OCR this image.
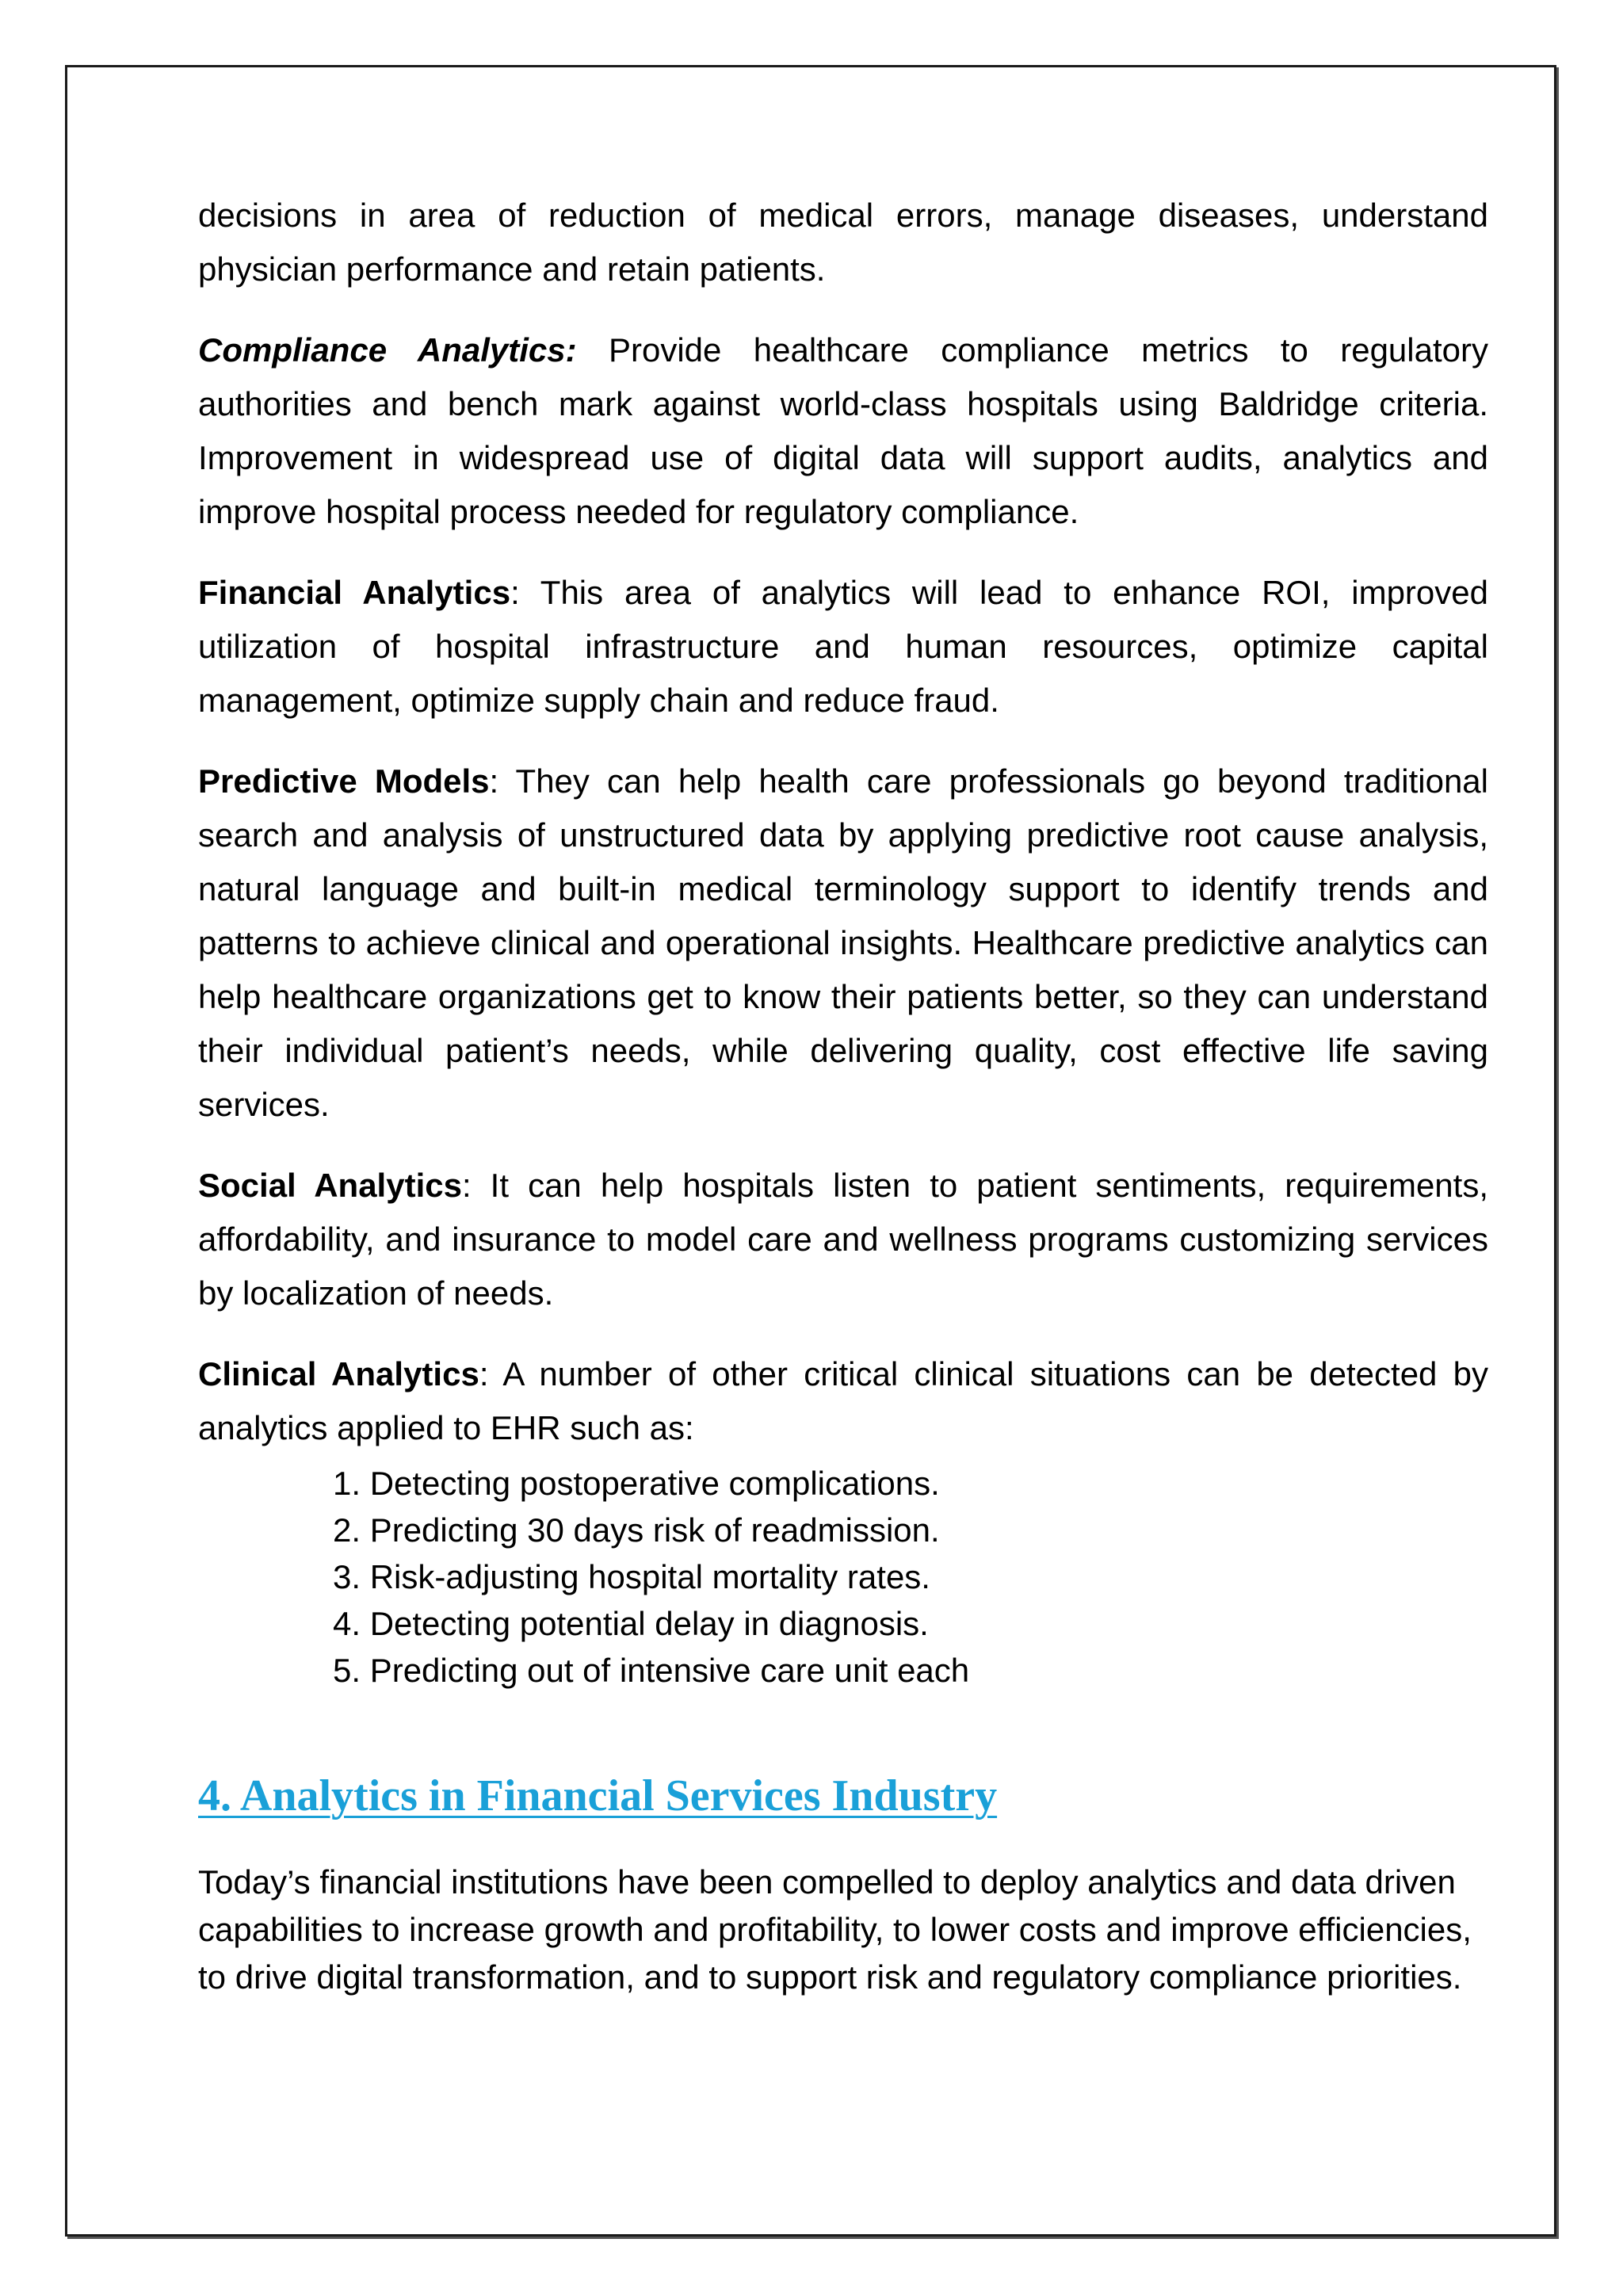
decisions in area of reduction of medical errors, manage diseases, understand physician performance and retain patients.

Compliance Analytics: Provide healthcare compliance metrics to regulatory authorities and bench mark against world-class hospitals using Baldridge criteria. Improvement in widespread use of digital data will support audits, analytics and improve hospital process needed for regulatory compliance.

Financial Analytics: This area of analytics will lead to enhance ROI, improved utilization of hospital infrastructure and human resources, optimize capital management, optimize supply chain and reduce fraud.

Predictive Models: They can help health care professionals go beyond traditional search and analysis of unstructured data by applying predictive root cause analysis, natural language and built-in medical terminology support to identify trends and patterns to achieve clinical and operational insights. Healthcare predictive analytics can help healthcare organizations get to know their patients better, so they can understand their individual patient’s needs, while delivering quality, cost effective life saving services.

Social Analytics: It can help hospitals listen to patient sentiments, requirements, affordability, and insurance to model care and wellness programs customizing services by localization of needs.

Clinical Analytics: A number of other critical clinical situations can be detected by analytics applied to EHR such as:

1. Detecting postoperative complications.
2. Predicting 30 days risk of readmission.
3. Risk-adjusting hospital mortality rates.
4. Detecting potential delay in diagnosis.
5. Predicting out of intensive care unit each
4. Analytics in Financial Services Industry

Today’s financial institutions have been compelled to deploy analytics and data driven capabilities to increase growth and profitability, to lower costs and improve efficiencies, to drive digital transformation, and to support risk and regulatory compliance priorities.
